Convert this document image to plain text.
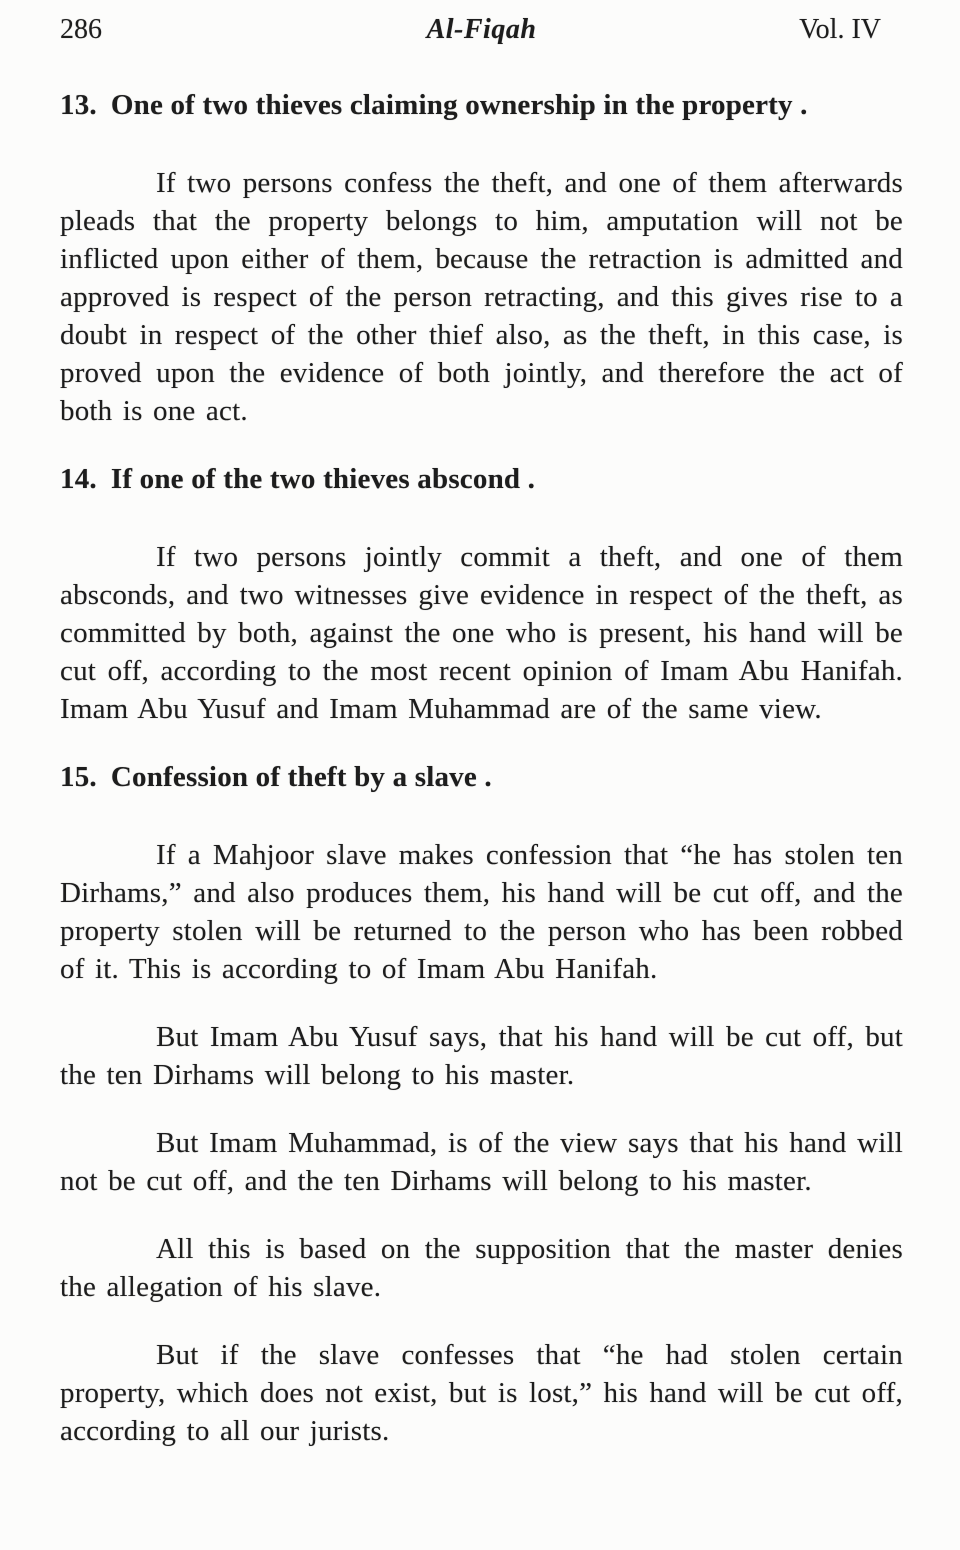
286	Al-Fiqah	Vol. IV
13. One of two thieves claiming ownership in the property .

If two persons confess the theft, and one of them afterwards pleads that the property belongs to him, amputation will not be inflicted upon either of them, because the retraction is admitted and approved is respect of the person retracting, and this gives rise to a doubt in respect of the other thief also, as the theft, in this case, is proved upon the evidence of both jointly, and therefore the act of both is one act.

14. If one of the two thieves abscond .

If two persons jointly commit a theft, and one of them absconds, and two witnesses give evidence in respect of the theft, as committed by both, against the one who is present, his hand will be cut off, according to the most recent opinion of Imam Abu Hanifah. Imam Abu Yusuf and Imam Muhammad are of the same view.

15. Confession of theft by a slave .

If a Mahjoor slave makes confession that “he has stolen ten Dirhams,” and also produces them, his hand will be cut off, and the property stolen will be returned to the person who has been robbed of it. This is according to of Imam Abu Hanifah.

But Imam Abu Yusuf says, that his hand will be cut off, but the ten Dirhams will belong to his master.

But Imam Muhammad, is of the view says that his hand will not be cut off, and the ten Dirhams will belong to his master.

All this is based on the supposition that the master denies the allegation of his slave.

But if the slave confesses that “he had stolen certain property, which does not exist, but is lost,” his hand will be cut off, according to all our jurists.
